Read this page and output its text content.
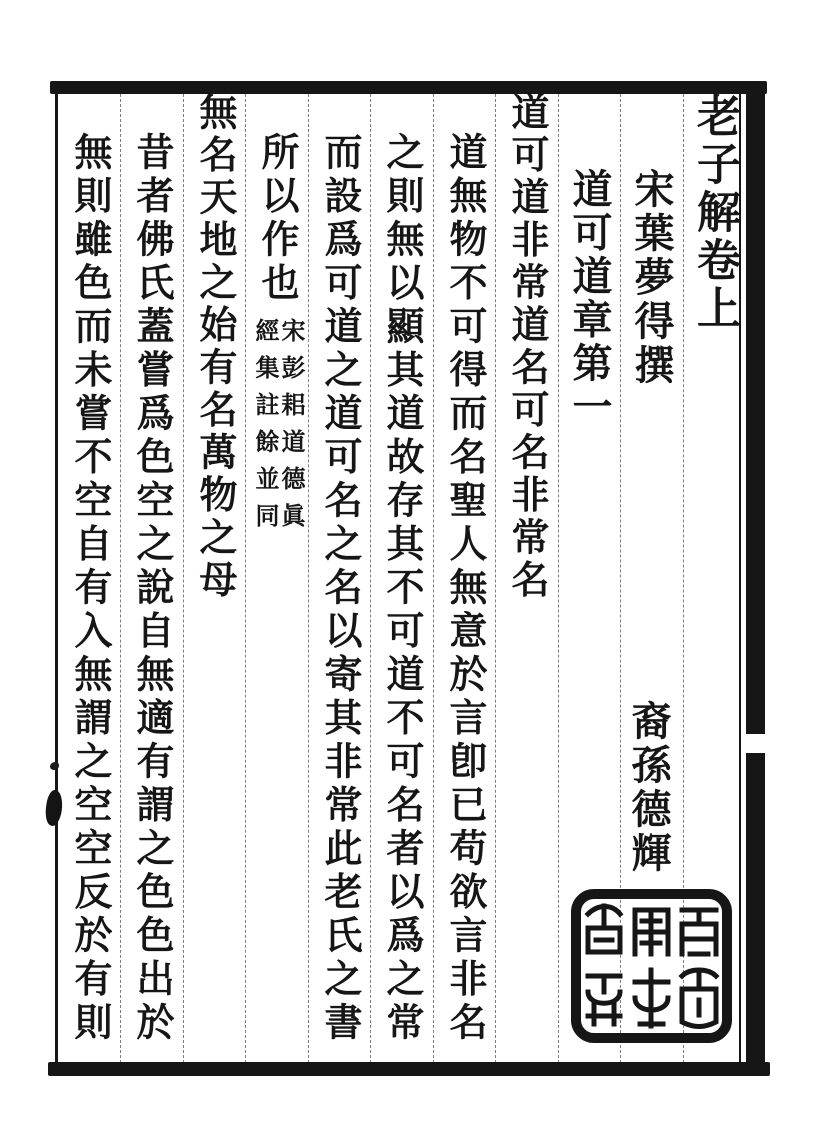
老子解卷上
宋葉夢得撰
道可道章第一
道可道非常道名可名非常名
道無物不可得而名聖人無意於言卽已苟欲言非名
之則無以顯其道故存其不可道不可名者以爲之常
而設爲可道之道可名之名以寄其非常此老氏之書
所以作也
無名天地之始有名萬物之母
昔者佛氏蓋嘗爲色空之說自無適有謂之色色出於
無則雖色而未嘗不空自有入無謂之空空反於有則	宋彭耜道德眞
經集註餘並同
裔孫德輝
